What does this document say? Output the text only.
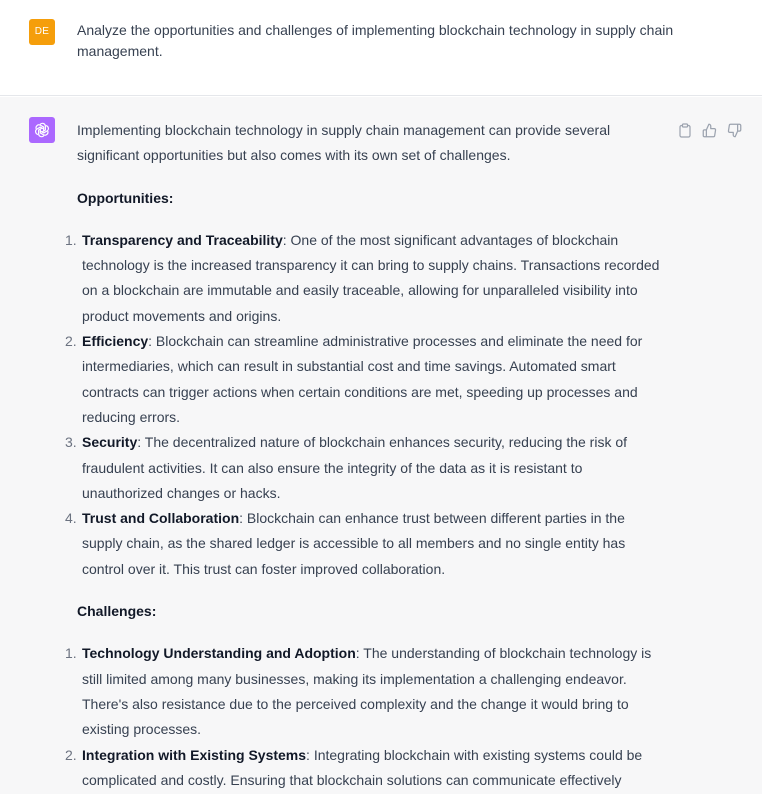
DE	Analyze the opportunities and challenges of implementing blockchain technology in supply chain management.

Implementing blockchain technology in supply chain management can provide several significant opportunities but also comes with its own set of challenges.

Opportunities:

1. Transparency and Traceability: One of the most significant advantages of blockchain technology is the increased transparency it can bring to supply chains. Transactions recorded on a blockchain are immutable and easily traceable, allowing for unparalleled visibility into product movements and origins.
2. Efficiency: Blockchain can streamline administrative processes and eliminate the need for intermediaries, which can result in substantial cost and time savings. Automated smart contracts can trigger actions when certain conditions are met, speeding up processes and reducing errors.
3. Security: The decentralized nature of blockchain enhances security, reducing the risk of fraudulent activities. It can also ensure the integrity of the data as it is resistant to unauthorized changes or hacks.
4. Trust and Collaboration: Blockchain can enhance trust between different parties in the supply chain, as the shared ledger is accessible to all members and no single entity has control over it. This trust can foster improved collaboration.

Challenges:

1. Technology Understanding and Adoption: The understanding of blockchain technology is still limited among many businesses, making its implementation a challenging endeavor. There's also resistance due to the perceived complexity and the change it would bring to existing processes.
2. Integration with Existing Systems: Integrating blockchain with existing systems could be complicated and costly. Ensuring that blockchain solutions can communicate effectively
